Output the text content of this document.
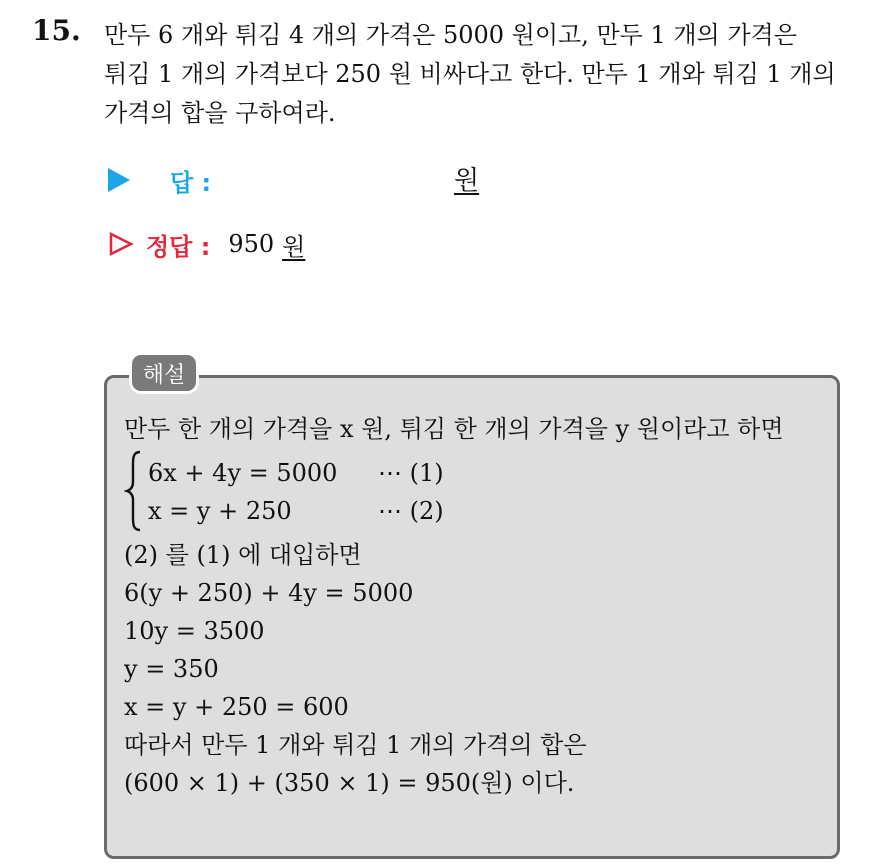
15. 만두 6 개와 튀김 4 개의 가격은 5000 원이고, 만두 1 개의 가격은
튀김 1 개의 가격보다 250 원 비싸다고 한다. 만두 1 개와 튀김 1 개의
가격의 합을 구하여라.
답 :	원
정답 : 950 원
해설
만두 한 개의 가격을 x 원, 튀김 한 개의 가격을 y 원이라고 하면
6x + 4y = 5000 ⋯ (1)
x = y + 250	⋯ (2)
(2) 를 (1) 에 대입하면
6(y + 250) + 4y = 5000
10y = 3500
y = 350
x = y + 250 = 600
따라서 만두 1 개와 튀김 1 개의 가격의 합은
(600 × 1) + (350 × 1) = 950(원) 이다.
